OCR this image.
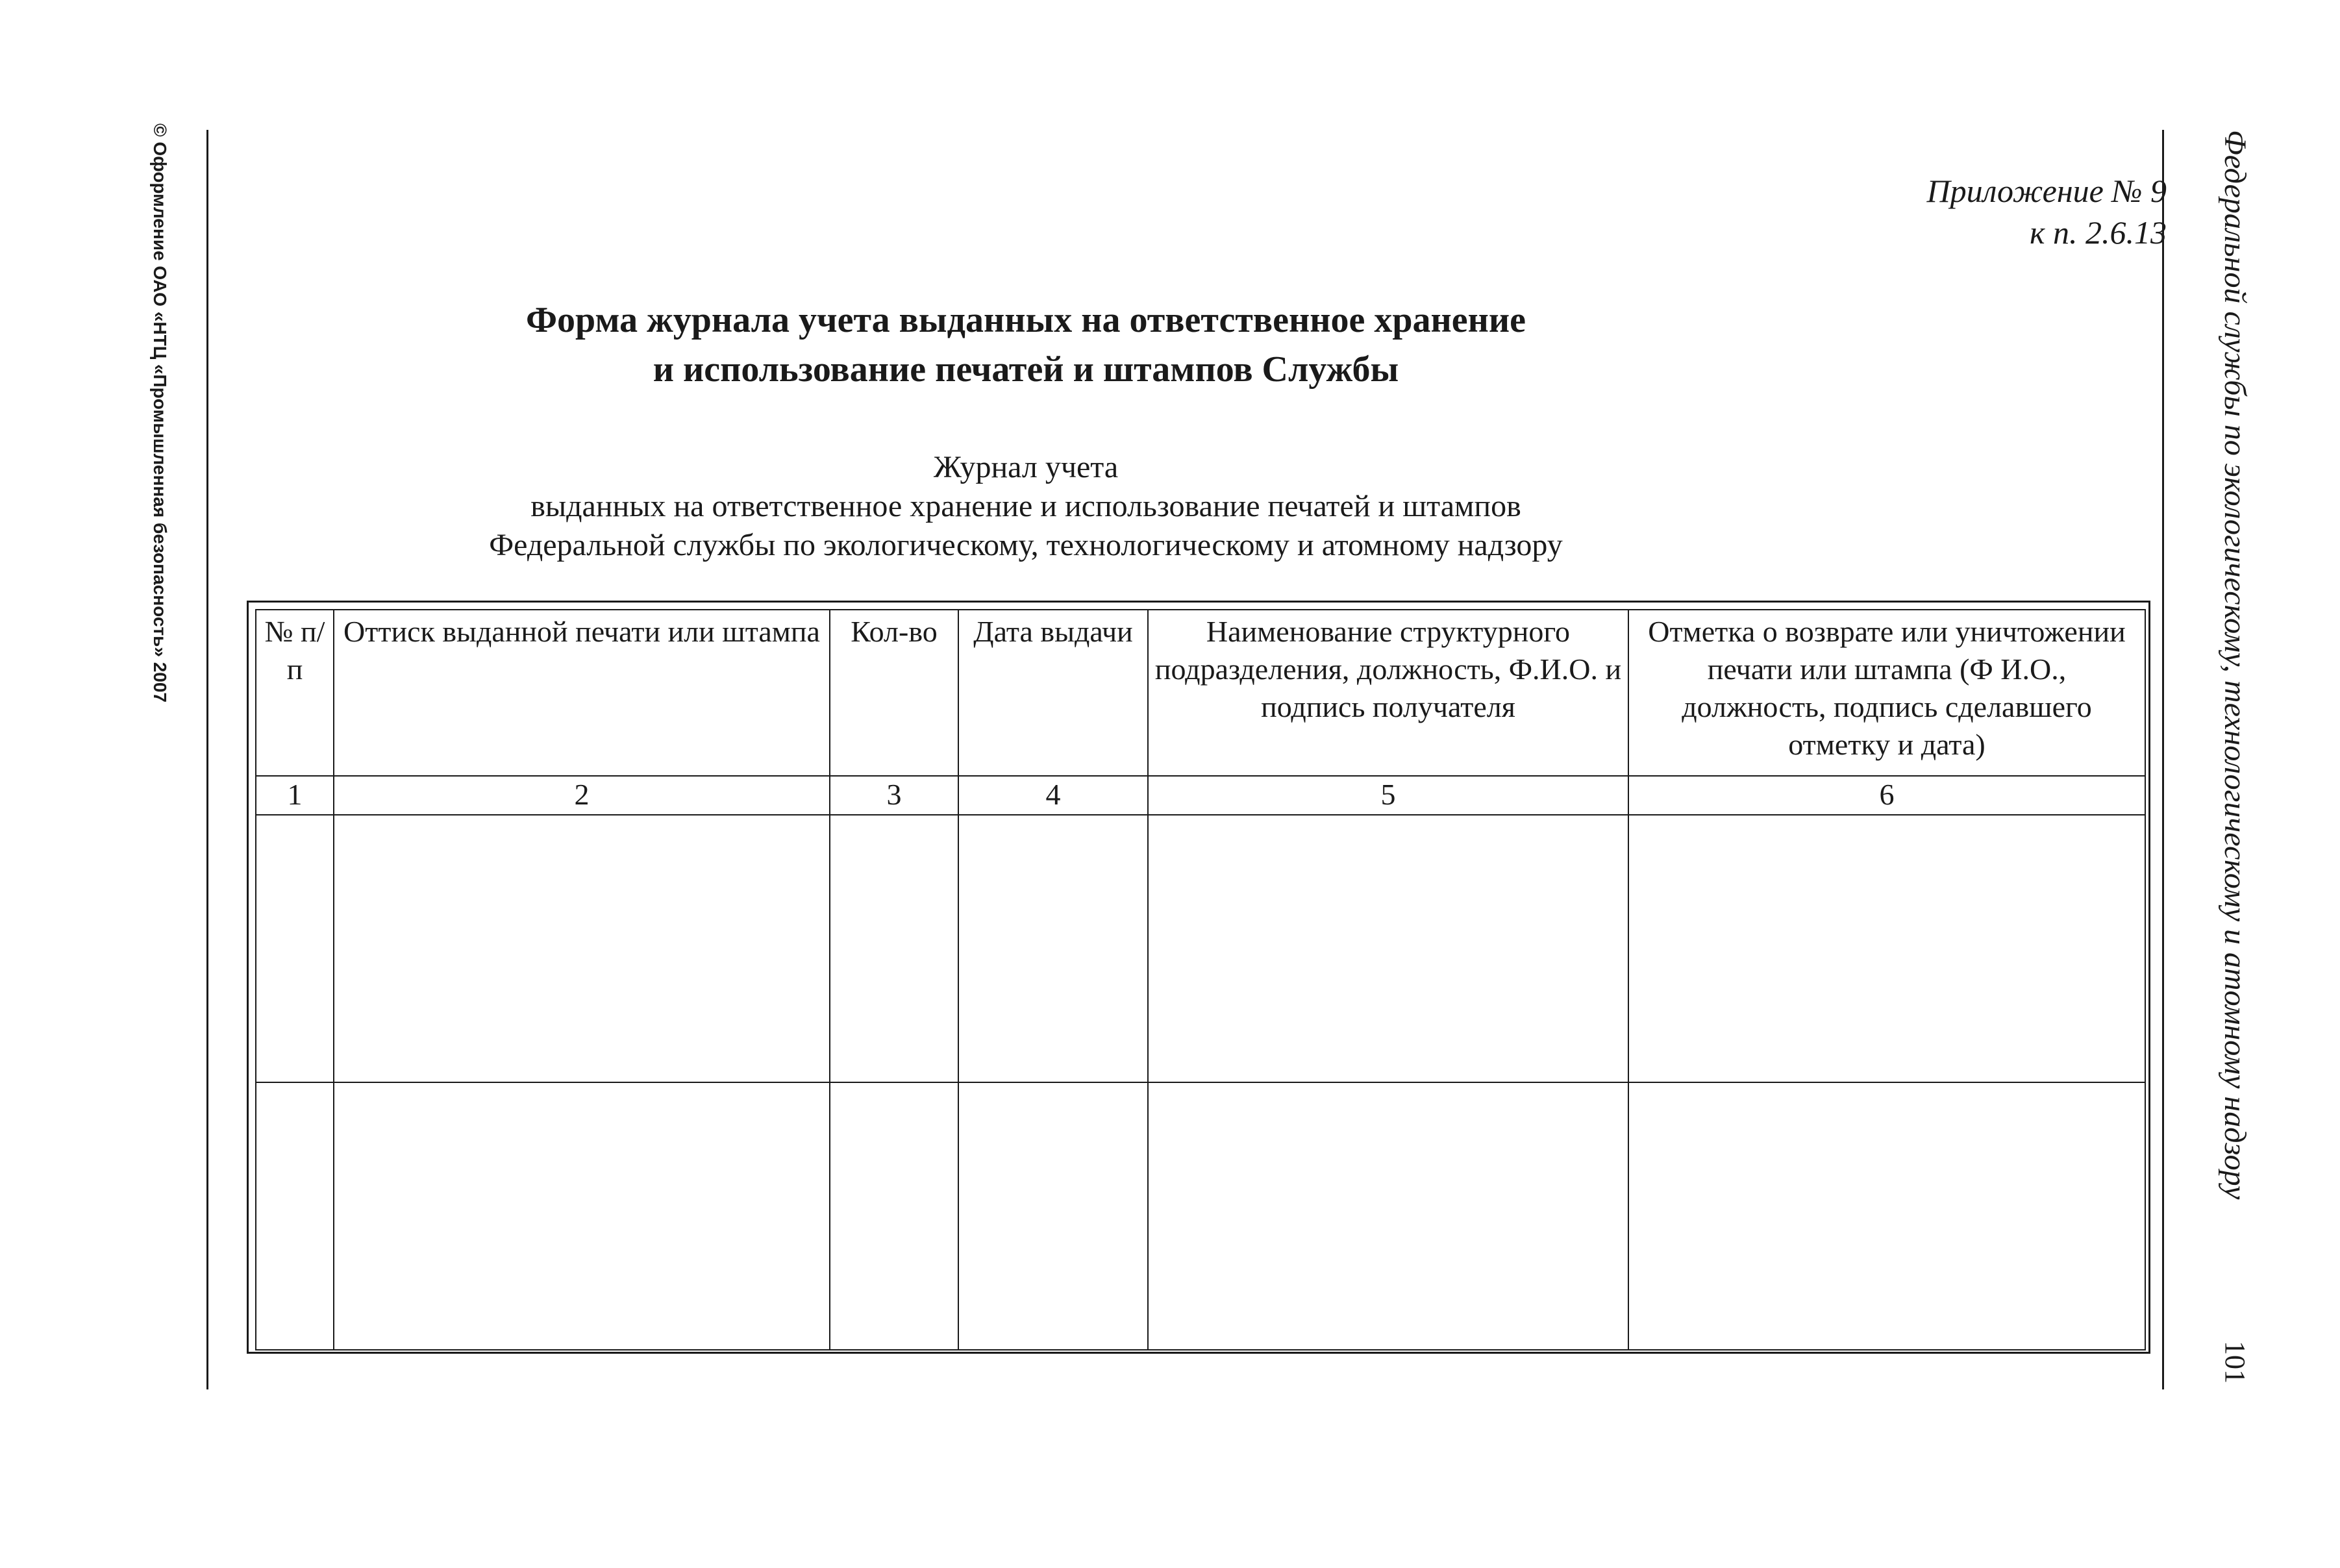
© Оформление ОАО «НТЦ «Промышленная безопасность» 2007	Федеральной службы по экологическому, технологическому и атомному надзору
101
Приложение № 9
к п. 2.6.13
Форма журнала учета выданных на ответственное хранение
и использование печатей и штампов Службы
Журнал учета
выданных на ответственное хранение и использование печатей и штампов
Федеральной службы по экологическому, технологическому и атомному надзору
№ п/п	Оттиск выданной печати или штампа	Кол-во	Дата выдачи	Наименование структурного подразделения, должность, Ф.И.О. и подпись получателя	Отметка о возврате или уничтожении печати или штампа (Ф И.О., должность, подпись сделавшего отметку и дата)
1	2	3	4	5	6
